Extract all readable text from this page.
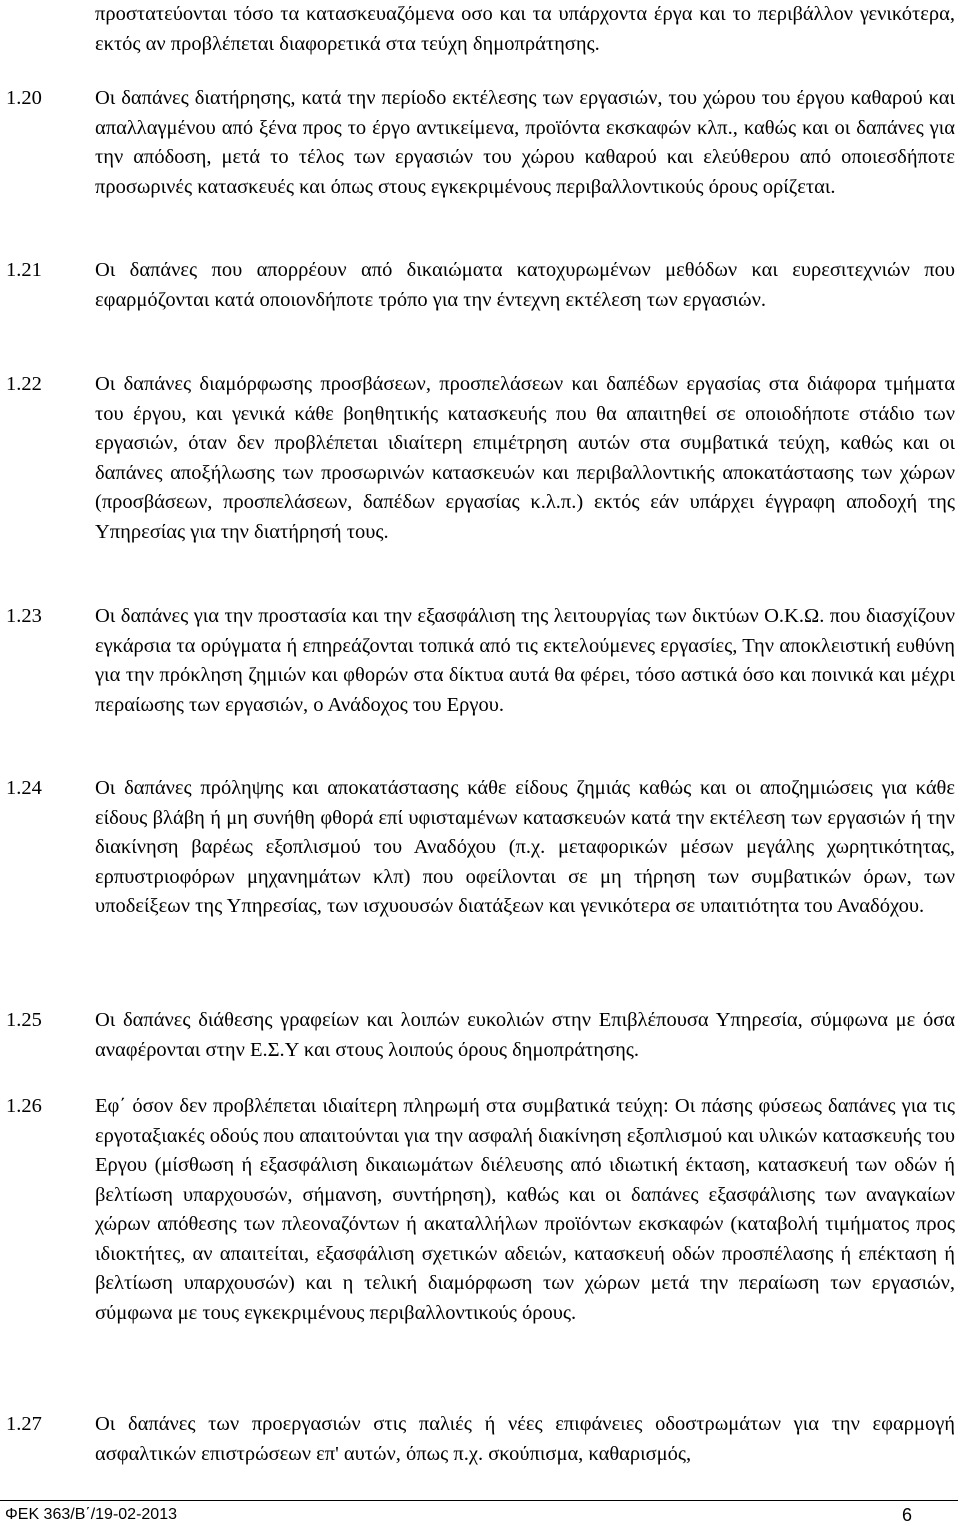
προστατεύονται τόσο τα κατασκευαζόμενα οσο και τα υπάρχοντα έργα και το περιβάλλον γενικότερα, εκτός αν προβλέπεται διαφορετικά στα τεύχη δημοπράτησης.

1.20	Οι δαπάνες διατήρησης, κατά την περίοδο εκτέλεσης των εργασιών, του χώρου του έργου καθαρού και απαλλαγμένου από ξένα προς το έργο αντικείμενα, προϊόντα εκσκαφών κλπ., καθώς και οι δαπάνες για την απόδοση, μετά το τέλος των εργασιών του χώρου καθαρού και ελεύθερου από οποιεσδήποτε προσωρινές κατασκευές και όπως στους εγκεκριμένους περιβαλλοντικούς όρους ορίζεται.
1.21	Οι δαπάνες που απορρέουν από δικαιώματα κατοχυρωμένων μεθόδων και ευρεσιτεχνιών που εφαρμόζονται κατά οποιονδήποτε τρόπο για την έντεχνη εκτέλεση των εργασιών.
1.22	Οι δαπάνες διαμόρφωσης προσβάσεων, προσπελάσεων και δαπέδων εργασίας στα διάφορα τμήματα του έργου, και γενικά κάθε βοηθητικής κατασκευής που θα απαιτηθεί σε οποιοδήποτε στάδιο των εργασιών, όταν δεν προβλέπεται ιδιαίτερη επιμέτρηση αυτών στα συμβατικά τεύχη, καθώς και οι δαπάνες αποξήλωσης των προσωρινών κατασκευών και περιβαλλοντικής αποκατάστασης των χώρων (προσβάσεων, προσπελάσεων, δαπέδων εργασίας κ.λ.π.) εκτός εάν υπάρχει έγγραφη αποδοχή της Υπηρεσίας για την διατήρησή τους.
1.23	Οι δαπάνες για την προστασία και την εξασφάλιση της λειτουργίας των δικτύων Ο.Κ.Ω. που διασχίζουν εγκάρσια τα ορύγματα ή επηρεάζονται τοπικά από τις εκτελούμενες εργασίες, Την αποκλειστική ευθύνη για την πρόκληση ζημιών και φθορών στα δίκτυα αυτά θα φέρει, τόσο αστικά όσο και ποινικά και μέχρι περαίωσης των εργασιών, ο Ανάδοχος του Εργου.
1.24	Οι δαπάνες πρόληψης και αποκατάστασης κάθε είδους ζημιάς καθώς και οι αποζημιώσεις για κάθε είδους βλάβη ή μη συνήθη φθορά επί υφισταμένων κατασκευών κατά την εκτέλεση των εργασιών ή την διακίνηση βαρέως εξοπλισμού του Αναδόχου (π.χ. μεταφορικών μέσων μεγάλης χωρητικότητας, ερπυστριοφόρων μηχανημάτων κλπ) που οφείλονται σε μη τήρηση των συμβατικών όρων, των υποδείξεων της Υπηρεσίας, των ισχυουσών διατάξεων και γενικότερα σε υπαιτιότητα του Αναδόχου.
1.25	Οι δαπάνες διάθεσης γραφείων και λοιπών ευκολιών στην Επιβλέπουσα Υπηρεσία, σύμφωνα με όσα αναφέρονται στην Ε.Σ.Υ και στους λοιπούς όρους δημοπράτησης.
1.26	Εφ΄ όσον δεν προβλέπεται ιδιαίτερη πληρωμή στα συμβατικά τεύχη: Οι πάσης φύσεως δαπάνες για τις εργοταξιακές οδούς που απαιτούνται για την ασφαλή διακίνηση εξοπλισμού και υλικών κατασκευής του Εργου (μίσθωση ή εξασφάλιση δικαιωμάτων διέλευσης από ιδιωτική έκταση, κατασκευή των οδών ή βελτίωση υπαρχουσών, σήμανση, συντήρηση), καθώς και οι δαπάνες εξασφάλισης των αναγκαίων χώρων απόθεσης των πλεοναζόντων ή ακαταλλήλων προϊόντων εκσκαφών (καταβολή τιμήματος προς ιδιοκτήτες, αν απαιτείται, εξασφάλιση σχετικών αδειών, κατασκευή οδών προσπέλασης ή επέκταση ή βελτίωση υπαρχουσών) και η τελική διαμόρφωση των χώρων μετά την περαίωση των εργασιών, σύμφωνα με τους εγκεκριμένους περιβαλλοντικούς όρους.
1.27	Οι δαπάνες των προεργασιών στις παλιές ή νέες επιφάνειες οδοστρωμάτων για την εφαρμογή ασφαλτικών επιστρώσεων επ' αυτών, όπως π.χ. σκούπισμα, καθαρισμός,
ΦΕΚ 363/Β΄/19-02-2013	6
